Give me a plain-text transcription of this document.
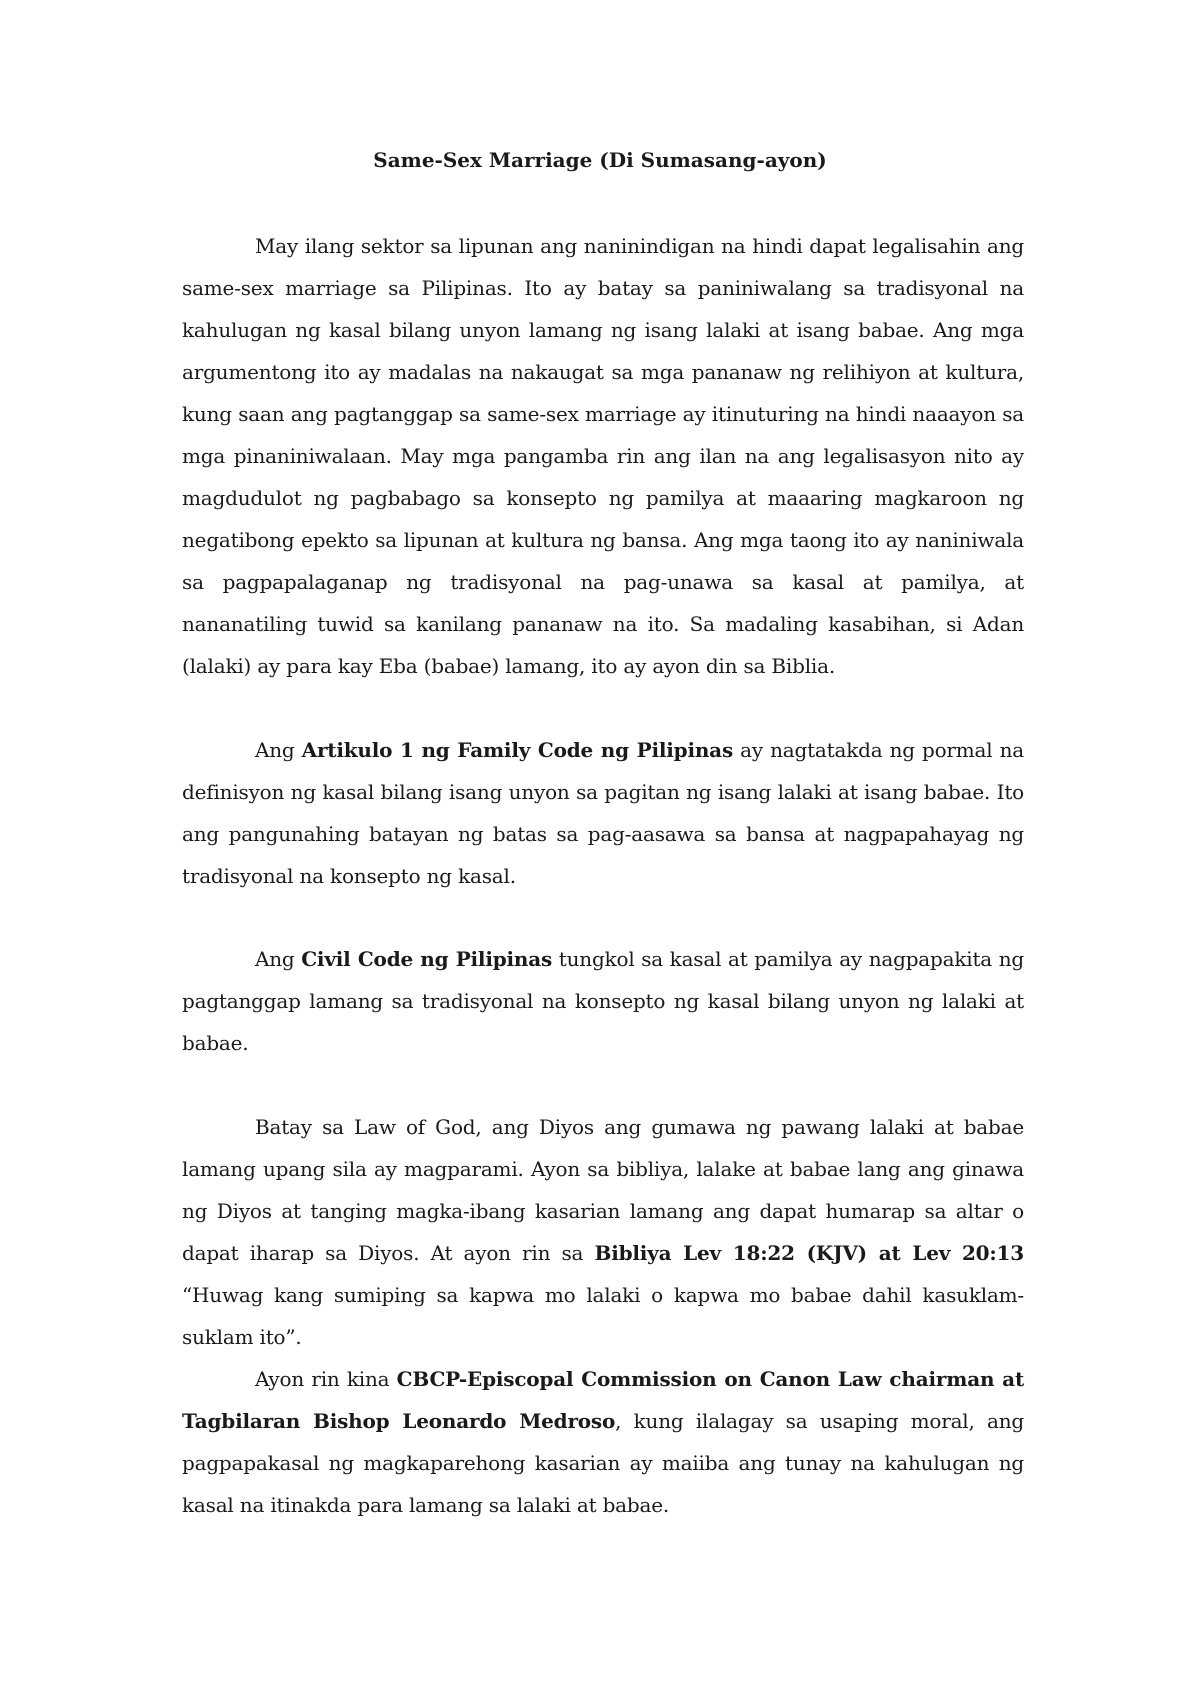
Same-Sex Marriage (Di Sumasang-ayon)

May ilang sektor sa lipunan ang naninindigan na hindi dapat legalisahin ang same-sex marriage sa Pilipinas. Ito ay batay sa paniniwalang sa tradisyonal na kahulugan ng kasal bilang unyon lamang ng isang lalaki at isang babae. Ang mga argumentong ito ay madalas na nakaugat sa mga pananaw ng relihiyon at kultura, kung saan ang pagtanggap sa same-sex marriage ay itinuturing na hindi naaayon sa mga pinaniniwalaan. May mga pangamba rin ang ilan na ang legalisasyon nito ay magdudulot ng pagbabago sa konsepto ng pamilya at maaaring magkaroon ng negatibong epekto sa lipunan at kultura ng bansa. Ang mga taong ito ay naniniwala sa pagpapalaganap ng tradisyonal na pag-unawa sa kasal at pamilya, at nananatiling tuwid sa kanilang pananaw na ito. Sa madaling kasabihan, si Adan (lalaki) ay para kay Eba (babae) lamang, ito ay ayon din sa Biblia.

Ang Artikulo 1 ng Family Code ng Pilipinas ay nagtatakda ng pormal na definisyon ng kasal bilang isang unyon sa pagitan ng isang lalaki at isang babae. Ito ang pangunahing batayan ng batas sa pag-aasawa sa bansa at nagpapahayag ng tradisyonal na konsepto ng kasal.

Ang Civil Code ng Pilipinas tungkol sa kasal at pamilya ay nagpapakita ng pagtanggap lamang sa tradisyonal na konsepto ng kasal bilang unyon ng lalaki at babae.

Batay sa Law of God, ang Diyos ang gumawa ng pawang lalaki at babae lamang upang sila ay magparami. Ayon sa bibliya, lalake at babae lang ang ginawa ng Diyos at tanging magka-ibang kasarian lamang ang dapat humarap sa altar o dapat iharap sa Diyos. At ayon rin sa Bibliya Lev 18:22 (KJV) at Lev 20:13 “Huwag kang sumiping sa kapwa mo lalaki o kapwa mo babae dahil kasuklam-suklam ito”.

Ayon rin kina CBCP-Episcopal Commission on Canon Law chairman at Tagbilaran Bishop Leonardo Medroso, kung ilalagay sa usaping moral, ang pagpapakasal ng magkaparehong kasarian ay maiiba ang tunay na kahulugan ng kasal na itinakda para lamang sa lalaki at babae.
